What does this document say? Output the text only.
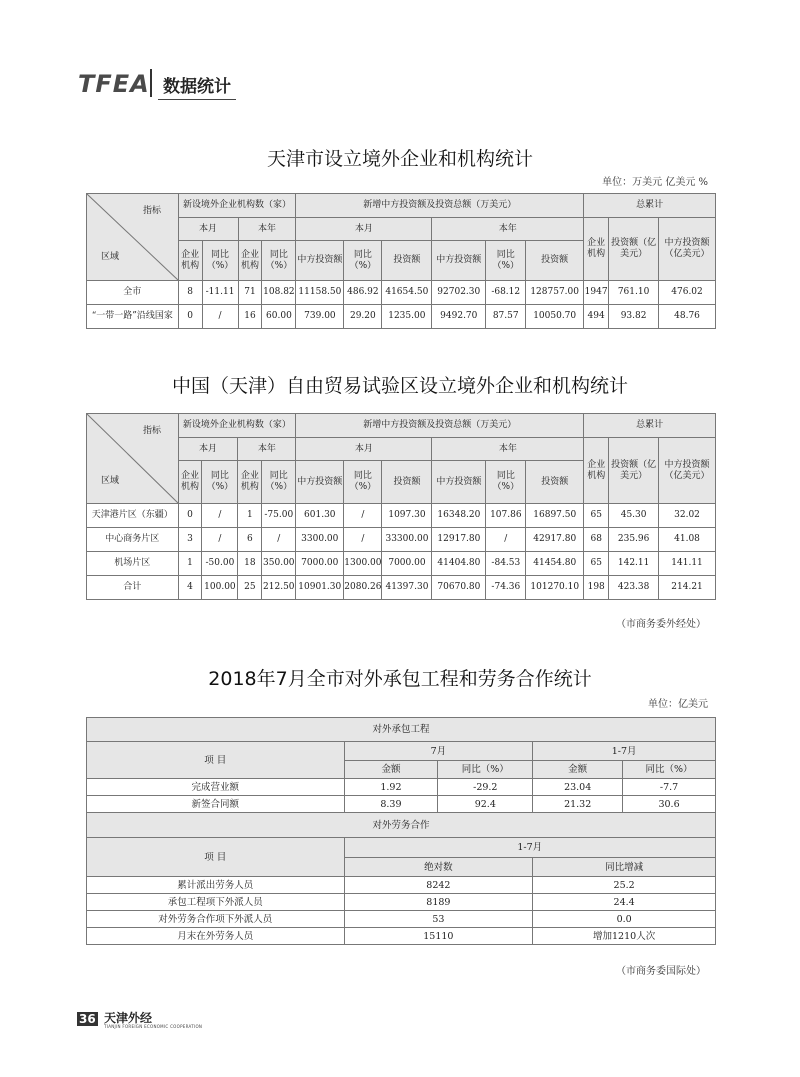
TFEA 数据统计
天津市设立境外企业和机构统计
单位：万美元 亿美元 %
指标
区域	新设境外企业机构数（家）				新增中方投资额及投资总额（万美元）						总累计		
	本月		本年		本月			本年			企业机构	投资额（亿美元）	中方投资额（亿美元）
	企业机构	同比（%）	企业机构	同比（%）	中方投资额	同比（%）	投资额	中方投资额	同比（%）	投资额			
全市	8	-11.11	71	108.82	11158.50	486.92	41654.50	92702.30	-68.12	128757.00	1947	761.10	476.02
“一带一路”沿线国家	0	/	16	60.00	739.00	29.20	1235.00	9492.70	87.57	10050.70	494	93.82	48.76
中国（天津）自由贸易试验区设立境外企业和机构统计
指标
区域	新设境外企业机构数（家）				新增中方投资额及投资总额（万美元）						总累计		
	本月		本年		本月			本年			企业机构	投资额（亿美元）	中方投资额（亿美元）
	企业机构	同比（%）	企业机构	同比（%）	中方投资额	同比（%）	投资额	中方投资额	同比（%）	投资额			
天津港片区（东疆）	0	/	1	-75.00	601.30	/	1097.30	16348.20	107.86	16897.50	65	45.30	32.02
中心商务片区	3	/	6	/	3300.00	/	33300.00	12917.80	/	42917.80	68	235.96	41.08
机场片区	1	-50.00	18	350.00	7000.00	1300.00	7000.00	41404.80	-84.53	41454.80	65	142.11	141.11
合计	4	100.00	25	212.50	10901.30	2080.26	41397.30	70670.80	-74.36	101270.10	198	423.38	214.21
（市商务委外经处）
2018年7月全市对外承包工程和劳务合作统计
单位：亿美元
对外承包工程				
项 目	7月		1-7月	
	金额	同比（%）	金额	同比（%）
完成营业额	1.92	-29.2	23.04	-7.7
新签合同额	8.39	92.4	21.32	30.6
对外劳务合作				
项 目	1-7月			
	绝对数		同比增减	
累计派出劳务人员	8242		25.2	
承包工程项下外派人员	8189		24.4	
对外劳务合作项下外派人员	53		0.0	
月末在外劳务人员	15110		增加1210人次	
（市商务委国际处）
36 天津外经
TIANJIN FOREIGN ECONOMIC COOPERATION
